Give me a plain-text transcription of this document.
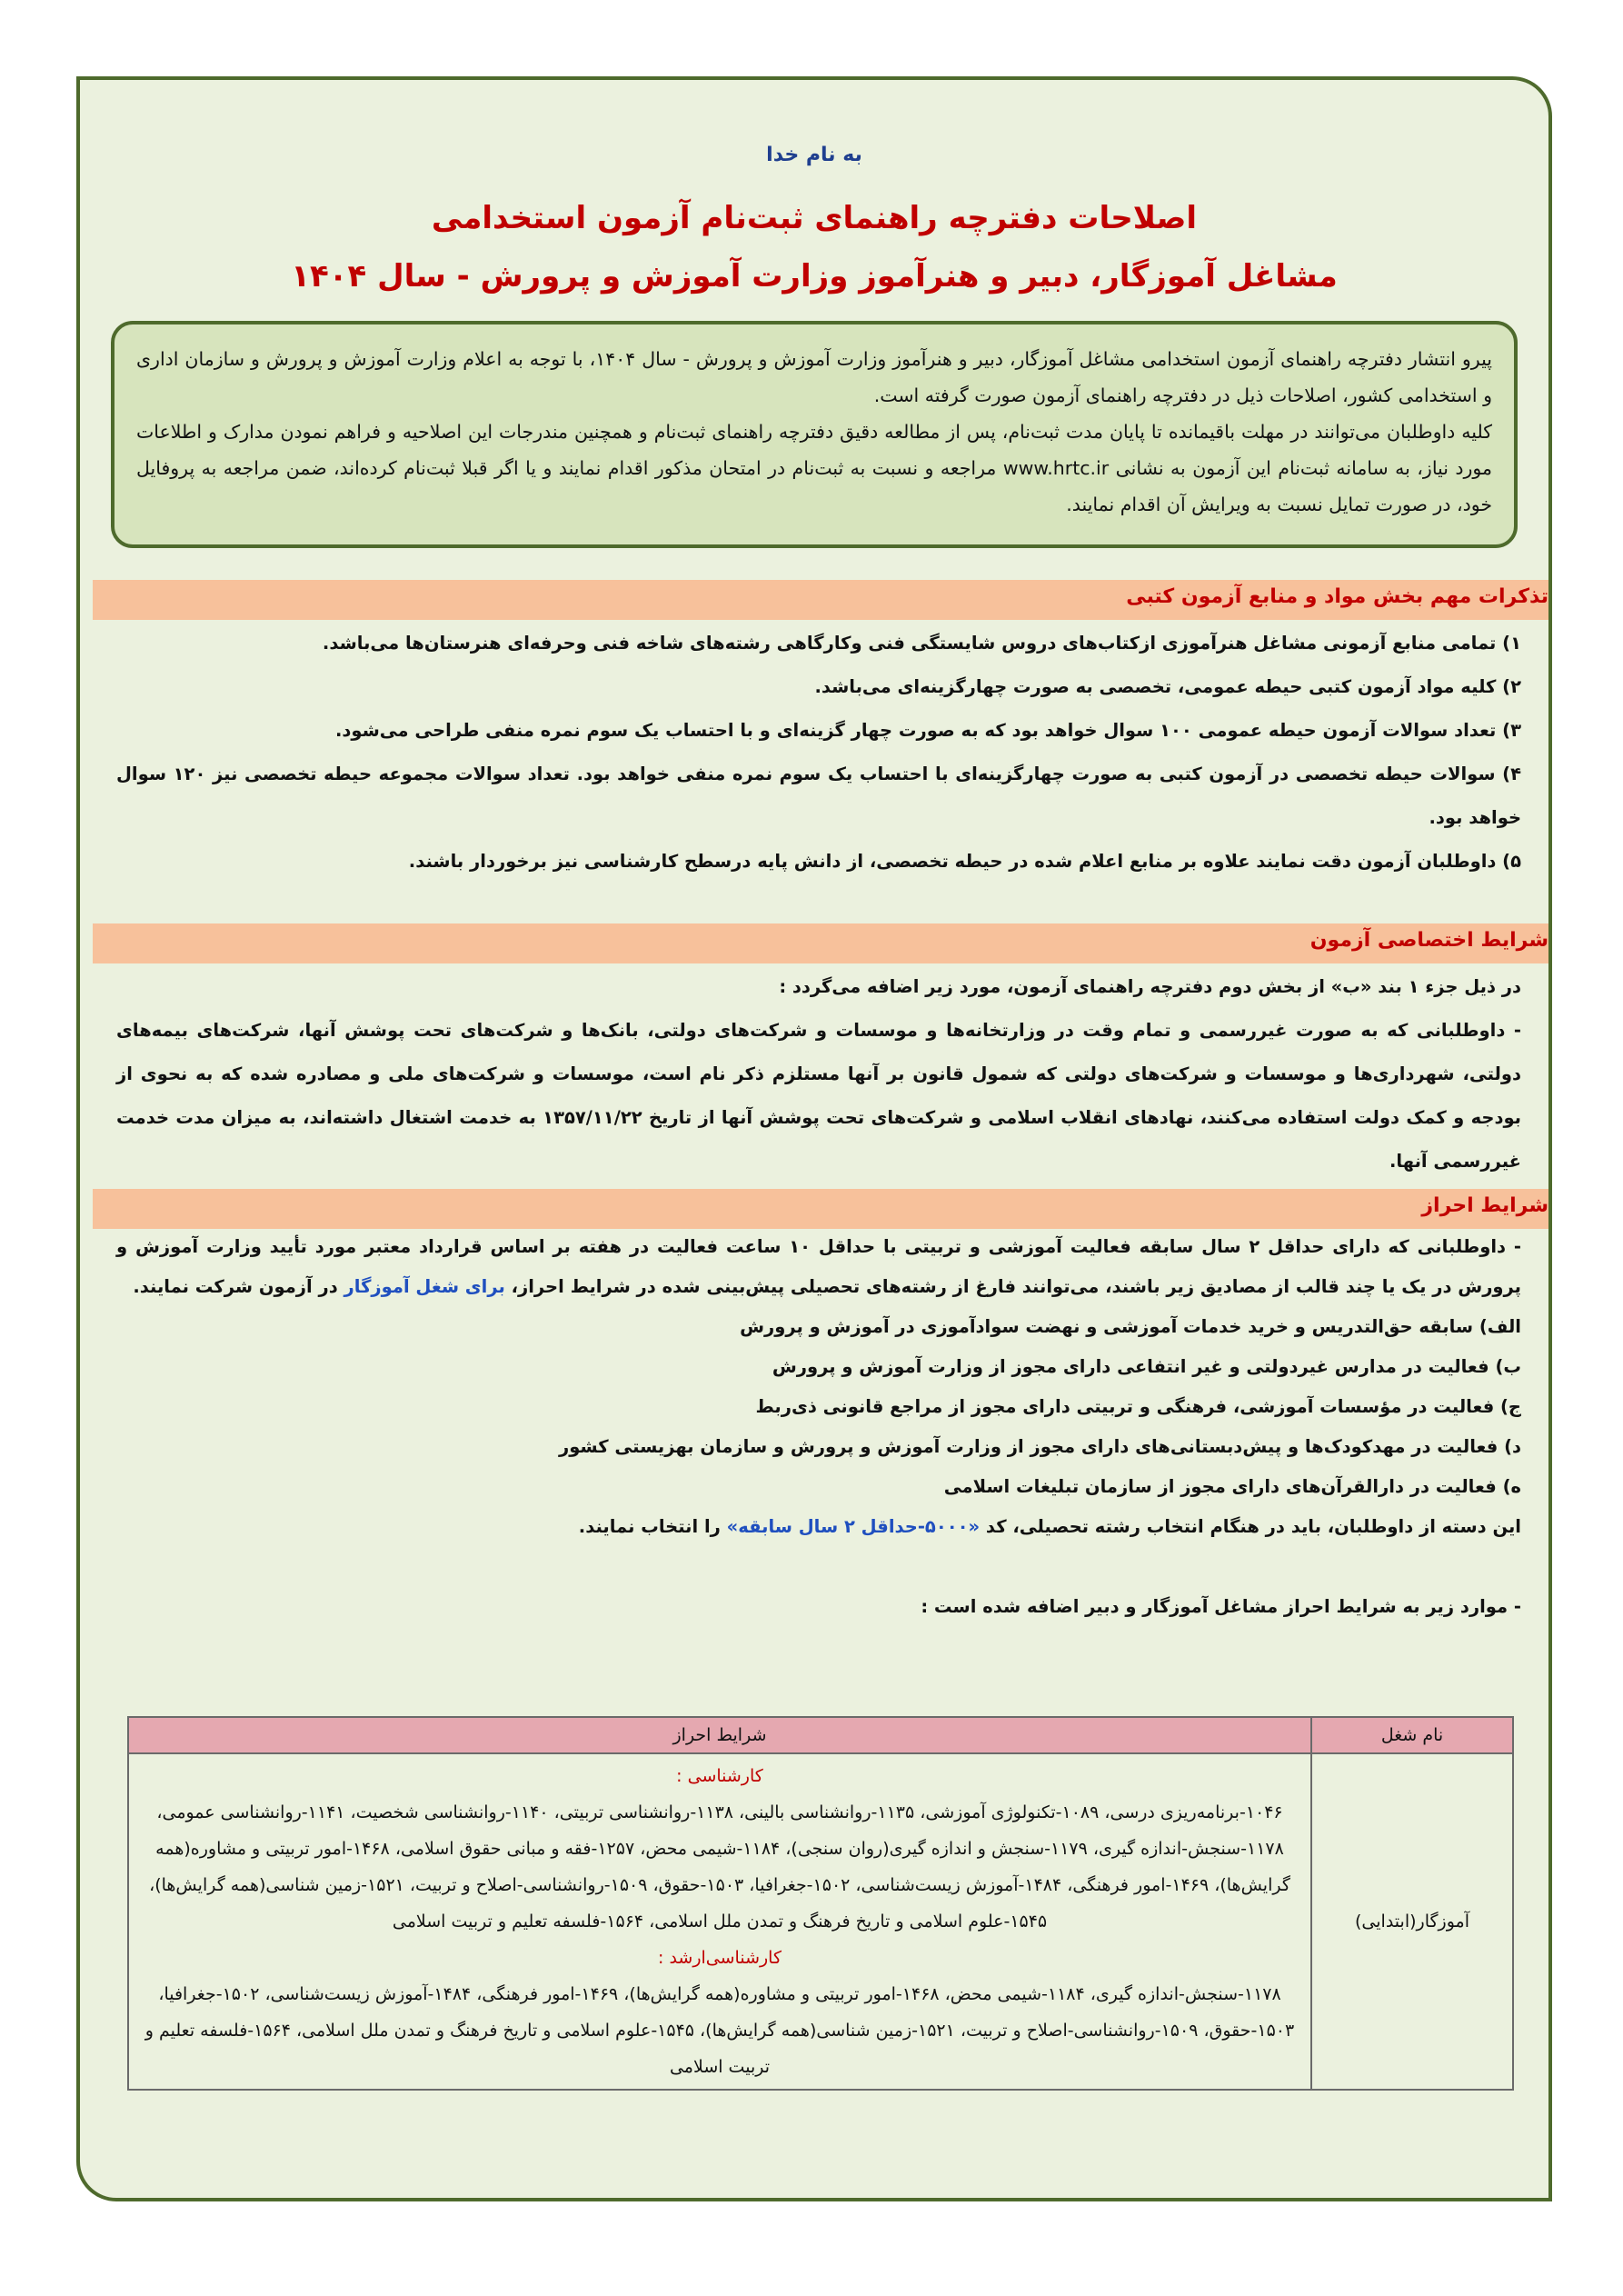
به نام خدا
اصلاحات دفترچه راهنمای ثبت‌نام آزمون استخدامی
مشاغل آموزگار، دبیر و هنرآموز وزارت آموزش و پرورش - سال ۱۴۰۴
پیرو انتشار دفترچه راهنمای آزمون استخدامی مشاغل آموزگار، دبیر و هنرآموز وزارت آموزش و پرورش - سال ۱۴۰۴، با توجه به اعلام وزارت آموزش و پرورش و سازمان اداری و استخدامی کشور، اصلاحات ذیل در دفترچه راهنمای آزمون صورت گرفته است.
کلیه داوطلبان می‌توانند در مهلت باقیمانده تا پایان مدت ثبت‌نام، پس از مطالعه دقیق دفترچه راهنمای ثبت‌نام و همچنین مندرجات این اصلاحیه و فراهم نمودن مدارک و اطلاعات مورد نیاز، به سامانه ثبت‌نام این آزمون به نشانی www.hrtc.ir مراجعه و نسبت به ثبت‌نام در امتحان مذکور اقدام نمایند و یا اگر قبلا ثبت‌نام کرده‌اند، ضمن مراجعه به پروفایل خود، در صورت تمایل نسبت به ویرایش آن اقدام نمایند.
تذکرات مهم بخش مواد و منابع آزمون کتبی

۱) تمامی منابع آزمونی مشاغل هنرآموزی ازکتاب‌های دروس شایستگی فنی وکارگاهی رشته‌های شاخه فنی وحرفه‌ای هنرستان‌ها می‌باشد.

۲) کلیه مواد آزمون کتبی حیطه عمومی، تخصصی به صورت چهارگزینه‌ای می‌باشد.

۳) تعداد سوالات آزمون حیطه عمومی ۱۰۰ سوال خواهد بود که به صورت چهار گزینه‌ای و با احتساب یک سوم نمره منفی طراحی می‌شود.

۴) سوالات حیطه تخصصی در آزمون کتبی به صورت چهارگزینه‌ای با احتساب یک سوم نمره منفی خواهد بود. تعداد سوالات مجموعه حیطه تخصصی نیز ۱۲۰ سوال خواهد بود.

۵) داوطلبان آزمون دقت نمایند علاوه بر منابع اعلام شده در حیطه تخصصی، از دانش پایه درسطح کارشناسی نیز برخوردار باشند.

شرایط اختصاصی آزمون

در ذیل جزء ۱ بند «ب» از بخش دوم دفترچه راهنمای آزمون، مورد زیر اضافه می‌گردد :

- داوطلبانی که به صورت غیررسمی و تمام وقت در وزارتخانه‌ها و موسسات و شرکت‌های دولتی، بانک‌ها و شرکت‌های تحت پوشش آنها، شرکت‌های بیمه‌های دولتی، شهرداری‌ها و موسسات و شرکت‌های دولتی که شمول قانون بر آنها مستلزم ذکر نام است، موسسات و شرکت‌های ملی و مصادره شده که به نحوی از بودجه و کمک دولت استفاده می‌کنند، نهادهای انقلاب اسلامی و شرکت‌های تحت پوشش آنها از تاریخ ۱۳۵۷/۱۱/۲۲ به خدمت اشتغال داشته‌اند، به میزان مدت خدمت غیررسمی آنها.

شرایط احراز

- داوطلبانی که دارای حداقل ۲ سال سابقه فعالیت آموزشی و تربیتی با حداقل ۱۰ ساعت فعالیت در هفته بر اساس قرارداد معتبر مورد تأیید وزارت آموزش و پرورش در یک یا چند قالب از مصادیق زیر باشند، می‌توانند فارغ از رشته‌های تحصیلی پیش‌بینی شده در شرایط احراز، برای شغل آموزگار در آزمون شرکت نمایند.

الف) سابقه حق‌التدریس و خرید خدمات آموزشی و نهضت سوادآموزی در آموزش و پرورش

ب) فعالیت در مدارس غیردولتی و غیر انتفاعی دارای مجوز از وزارت آموزش و پرورش

ج) فعالیت در مؤسسات آموزشی، فرهنگی و تربیتی دارای مجوز از مراجع قانونی ذی‌ربط

د) فعالیت در مهدکودک‌ها و پیش‌دبستانی‌های دارای مجوز از وزارت آموزش و پرورش و سازمان بهزیستی کشور

ه) فعالیت در دارالقرآن‌های دارای مجوز از سازمان تبلیغات اسلامی

این دسته از داوطلبان، باید در هنگام انتخاب رشته تحصیلی، کد «۵۰۰۰-حداقل ۲ سال سابقه» را انتخاب نمایند.

- موارد زیر به شرایط احراز مشاغل آموزگار و دبیر اضافه شده است :

نام شغل	شرایط احراز
آموزگار(ابتدایی)	کارشناسی :
۱۰۴۶-برنامه‌ریزی درسی، ۱۰۸۹-تکنولوژی آموزشی، ۱۱۳۵-روانشناسی بالینی، ۱۱۳۸-روانشناسی تربیتی، ۱۱۴۰-روانشناسی شخصیت، ۱۱۴۱-روانشناسی عمومی، ۱۱۷۸-سنجش-اندازه گیری، ۱۱۷۹-سنجش و اندازه گیری(روان سنجی)، ۱۱۸۴-شیمی محض، ۱۲۵۷-فقه و مبانی حقوق اسلامی، ۱۴۶۸-امور تربیتی و مشاوره(همه گرایش‌ها)، ۱۴۶۹-امور فرهنگی، ۱۴۸۴-آموزش زیست‌شناسی، ۱۵۰۲-جغرافیا، ۱۵۰۳-حقوق، ۱۵۰۹-روانشناسی-اصلاح و تربیت، ۱۵۲۱-زمین شناسی(همه گرایش‌ها)، ۱۵۴۵-علوم اسلامی و تاریخ فرهنگ و تمدن ملل اسلامی، ۱۵۶۴-فلسفه تعلیم و تربیت اسلامی
کارشناسی‌ارشد :
۱۱۷۸-سنجش-اندازه گیری، ۱۱۸۴-شیمی محض، ۱۴۶۸-امور تربیتی و مشاوره(همه گرایش‌ها)، ۱۴۶۹-امور فرهنگی، ۱۴۸۴-آموزش زیست‌شناسی، ۱۵۰۲-جغرافیا، ۱۵۰۳-حقوق، ۱۵۰۹-روانشناسی-اصلاح و تربیت، ۱۵۲۱-زمین شناسی(همه گرایش‌ها)، ۱۵۴۵-علوم اسلامی و تاریخ فرهنگ و تمدن ملل اسلامی، ۱۵۶۴-فلسفه تعلیم و تربیت اسلامی
